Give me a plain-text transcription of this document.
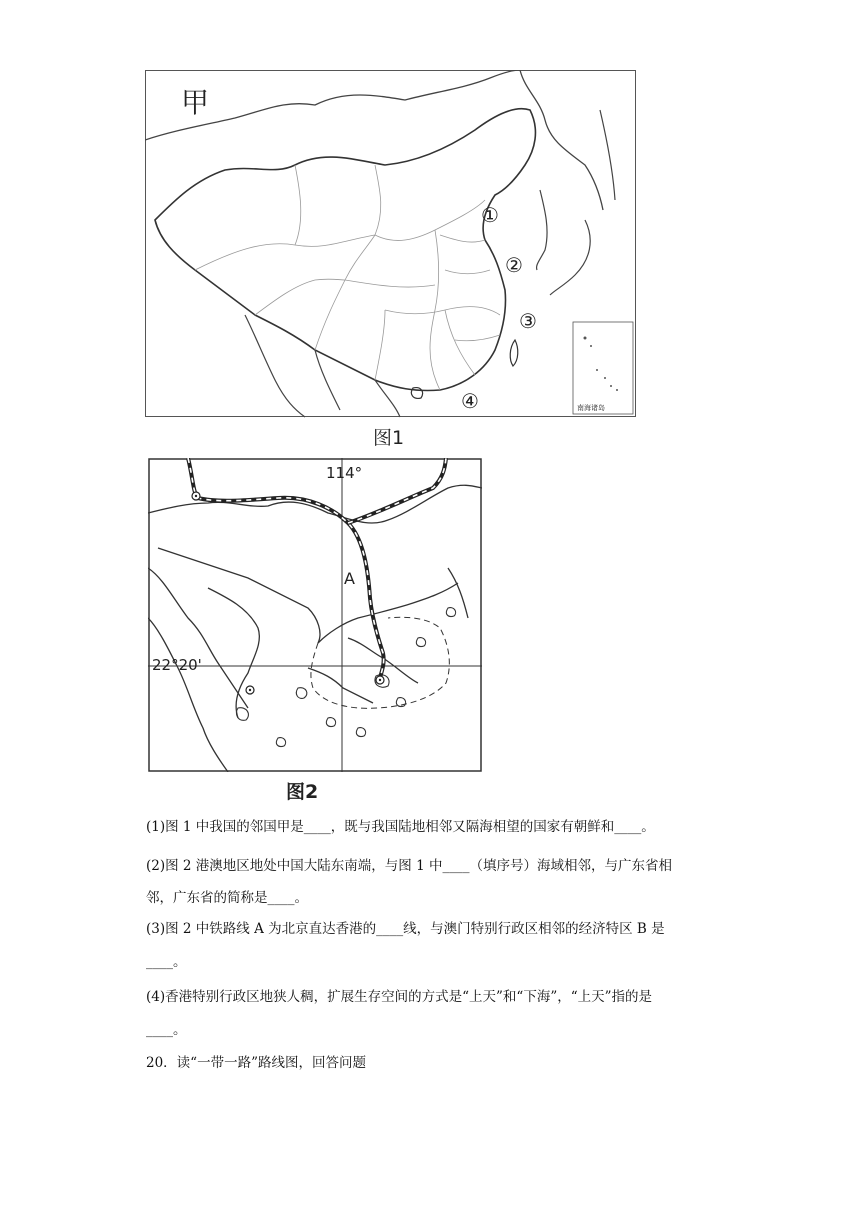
甲
①
②
③
④	南海诸岛
图1
114°
22°20'
A
图2
(1)图 1 中我国的邻国甲是____，既与我国陆地相邻又隔海相望的国家有朝鲜和____。
(2)图 2 港澳地区地处中国大陆东南端，与图 1 中____（填序号）海域相邻，与广东省相
邻，广东省的简称是____。
(3)图 2 中铁路线 A 为北京直达香港的____线，与澳门特别行政区相邻的经济特区 B 是
____。
(4)香港特别行政区地狭人稠，扩展生存空间的方式是“上天”和“下海”，“上天”指的是
____。
20．读“一带一路”路线图，回答问题
